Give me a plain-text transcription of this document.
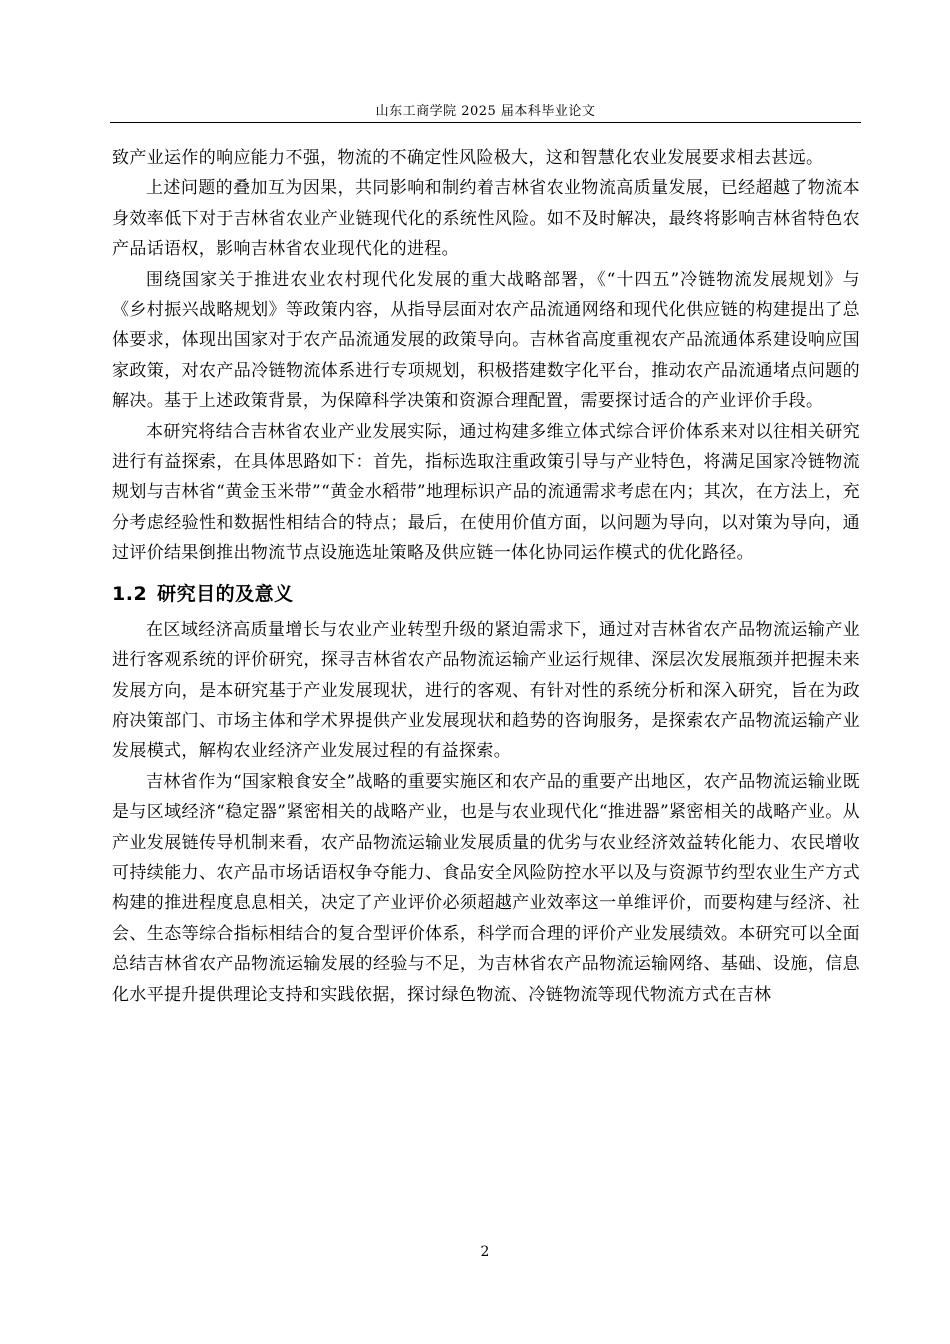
山东工商学院 2025 届本科毕业论文

致产业运作的响应能力不强，物流的不确定性风险极大，这和智慧化农业发展要求相去甚远。

上述问题的叠加互为因果，共同影响和制约着吉林省农业物流高质量发展，已经超越了物流本身效率低下对于吉林省农业产业链现代化的系统性风险。如不及时解决，最终将影响吉林省特色农产品话语权，影响吉林省农业现代化的进程。

围绕国家关于推进农业农村现代化发展的重大战略部署，《“十四五”冷链物流发展规划》与《乡村振兴战略规划》等政策内容，从指导层面对农产品流通网络和现代化供应链的构建提出了总体要求，体现出国家对于农产品流通发展的政策导向。吉林省高度重视农产品流通体系建设响应国家政策，对农产品冷链物流体系进行专项规划，积极搭建数字化平台，推动农产品流通堵点问题的解决。基于上述政策背景，为保障科学决策和资源合理配置，需要探讨适合的产业评价手段。

本研究将结合吉林省农业产业发展实际，通过构建多维立体式综合评价体系来对以往相关研究进行有益探索，在具体思路如下：首先，指标选取注重政策引导与产业特色，将满足国家冷链物流规划与吉林省“黄金玉米带”“黄金水稻带”地理标识产品的流通需求考虑在内；其次，在方法上，充分考虑经验性和数据性相结合的特点；最后，在使用价值方面，以问题为导向，以对策为导向，通过评价结果倒推出物流节点设施选址策略及供应链一体化协同运作模式的优化路径。

1.2 研究目的及意义

在区域经济高质量增长与农业产业转型升级的紧迫需求下，通过对吉林省农产品物流运输产业进行客观系统的评价研究，探寻吉林省农产品物流运输产业运行规律、深层次发展瓶颈并把握未来发展方向，是本研究基于产业发展现状，进行的客观、有针对性的系统分析和深入研究，旨在为政府决策部门、市场主体和学术界提供产业发展现状和趋势的咨询服务，是探索农产品物流运输产业发展模式，解构农业经济产业发展过程的有益探索。

吉林省作为“国家粮食安全”战略的重要实施区和农产品的重要产出地区，农产品物流运输业既是与区域经济“稳定器”紧密相关的战略产业，也是与农业现代化“推进器”紧密相关的战略产业。从产业发展链传导机制来看，农产品物流运输业发展质量的优劣与农业经济效益转化能力、农民增收可持续能力、农产品市场话语权争夺能力、食品安全风险防控水平以及与资源节约型农业生产方式构建的推进程度息息相关，决定了产业评价必须超越产业效率这一单维评价，而要构建与经济、社会、生态等综合指标相结合的复合型评价体系，科学而合理的评价产业发展绩效。本研究可以全面总结吉林省农产品物流运输发展的经验与不足，为吉林省农产品物流运输网络、基础、设施，信息化水平提升提供理论支持和实践依据，探讨绿色物流、冷链物流等现代物流方式在吉林

2
